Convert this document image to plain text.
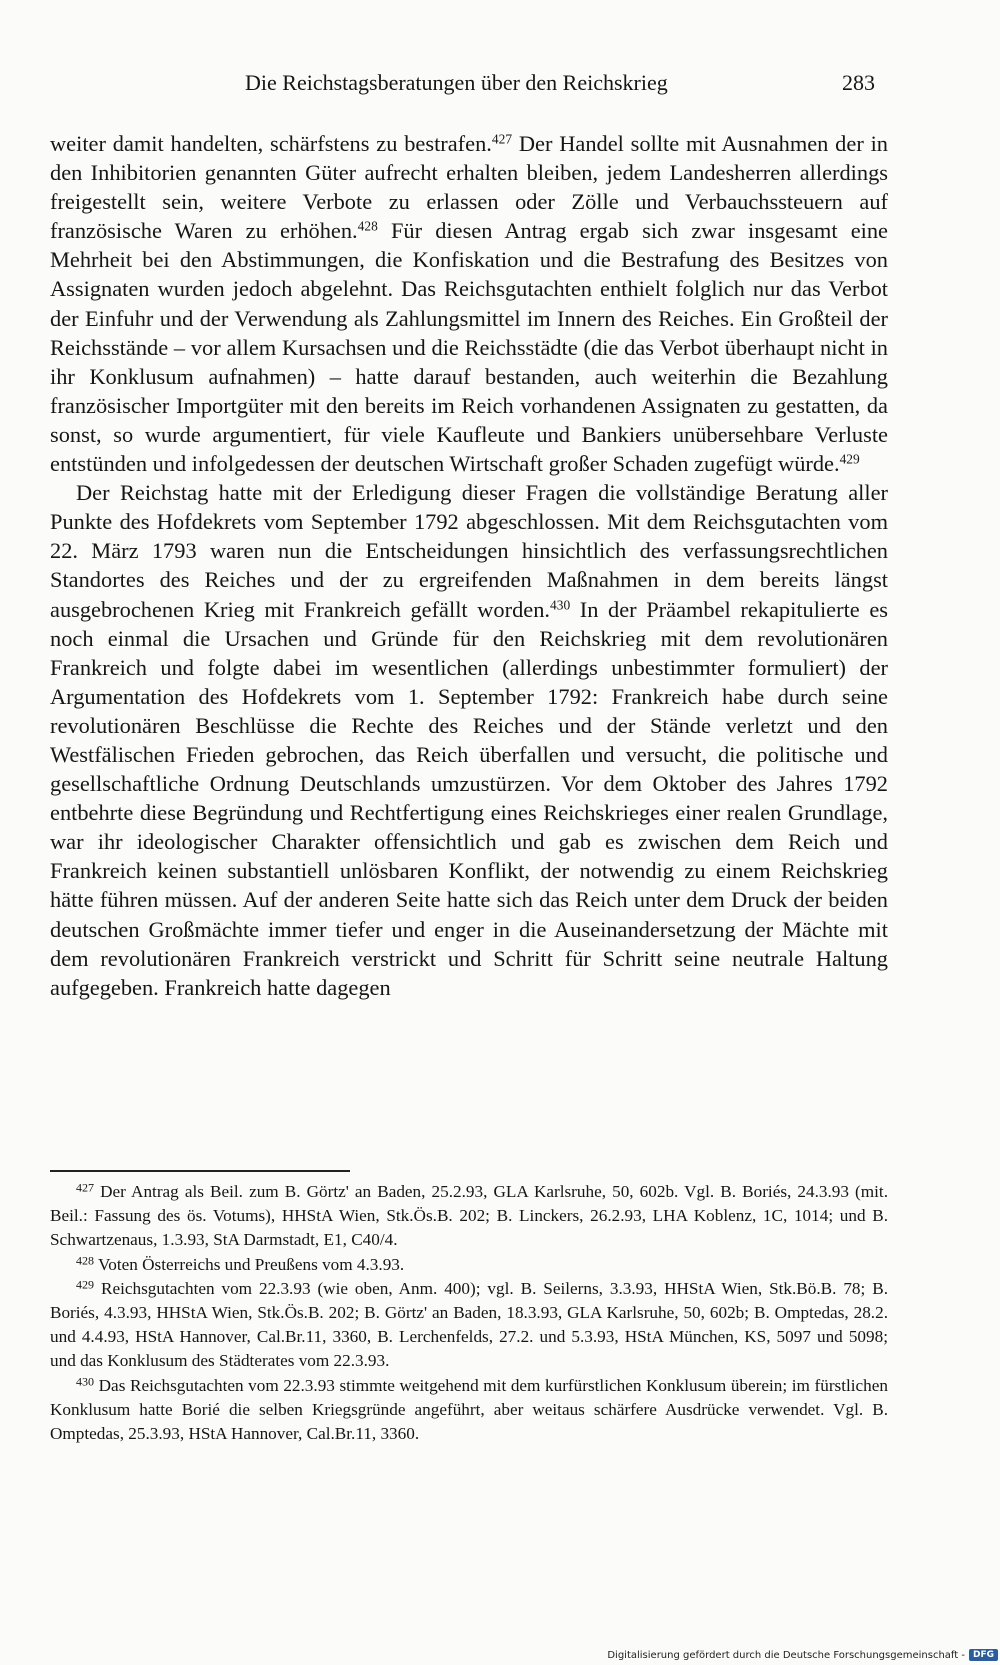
Die Reichstagsberatungen über den Reichskrieg	283

weiter damit handelten, schärfstens zu bestrafen.$^{427}$ Der Handel sollte mit Ausnahmen der in den Inhibitorien genannten Güter aufrecht erhalten bleiben, jedem Landesherren allerdings freigestellt sein, weitere Verbote zu erlassen oder Zölle und Verbauchssteuern auf französische Waren zu erhöhen.$^{428}$ Für diesen Antrag ergab sich zwar insgesamt eine Mehrheit bei den Abstimmungen, die Konfiskation und die Bestrafung des Besitzes von Assignaten wurden jedoch abgelehnt. Das Reichsgutachten enthielt folglich nur das Verbot der Einfuhr und der Verwendung als Zahlungsmittel im Innern des Reiches. Ein Großteil der Reichsstände – vor allem Kursachsen und die Reichsstädte (die das Verbot überhaupt nicht in ihr Konklusum aufnahmen) – hatte darauf bestanden, auch weiterhin die Bezahlung französischer Importgüter mit den bereits im Reich vorhandenen Assignaten zu gestatten, da sonst, so wurde argumentiert, für viele Kaufleute und Bankiers unübersehbare Verluste entstünden und infolgedessen der deutschen Wirtschaft großer Schaden zugefügt würde.$^{429}$

Der Reichstag hatte mit der Erledigung dieser Fragen die vollständige Beratung aller Punkte des Hofdekrets vom September 1792 abgeschlossen. Mit dem Reichsgutachten vom 22. März 1793 waren nun die Entscheidungen hinsichtlich des verfassungsrechtlichen Standortes des Reiches und der zu ergreifenden Maßnahmen in dem bereits längst ausgebrochenen Krieg mit Frankreich gefällt worden.$^{430}$ In der Präambel rekapitulierte es noch einmal die Ursachen und Gründe für den Reichskrieg mit dem revolutionären Frankreich und folgte dabei im wesentlichen (allerdings unbestimmter formuliert) der Argumentation des Hofdekrets vom 1. September 1792: Frankreich habe durch seine revolutionären Beschlüsse die Rechte des Reiches und der Stände verletzt und den Westfälischen Frieden gebrochen, das Reich überfallen und versucht, die politische und gesellschaftliche Ordnung Deutschlands umzustürzen. Vor dem Oktober des Jahres 1792 entbehrte diese Begründung und Rechtfertigung eines Reichskrieges einer realen Grundlage, war ihr ideologischer Charakter offensichtlich und gab es zwischen dem Reich und Frankreich keinen substantiell unlösbaren Konflikt, der notwendig zu einem Reichskrieg hätte führen müssen. Auf der anderen Seite hatte sich das Reich unter dem Druck der beiden deutschen Großmächte immer tiefer und enger in die Auseinandersetzung der Mächte mit dem revolutionären Frankreich verstrickt und Schritt für Schritt seine neutrale Haltung aufgegeben. Frankreich hatte dagegen

$^{427}$ Der Antrag als Beil. zum B. Görtz' an Baden, 25.2.93, GLA Karlsruhe, 50, 602b. Vgl. B. Boriés, 24.3.93 (mit. Beil.: Fassung des ös. Votums), HHStA Wien, Stk.Ös.B. 202; B. Linckers, 26.2.93, LHA Koblenz, 1C, 1014; und B. Schwartzenaus, 1.3.93, StA Darmstadt, E1, C40/4.

$^{428}$ Voten Österreichs und Preußens vom 4.3.93.

$^{429}$ Reichsgutachten vom 22.3.93 (wie oben, Anm. 400); vgl. B. Seilerns, 3.3.93, HHStA Wien, Stk.Bö.B. 78; B. Boriés, 4.3.93, HHStA Wien, Stk.Ös.B. 202; B. Görtz' an Baden, 18.3.93, GLA Karlsruhe, 50, 602b; B. Omptedas, 28.2. und 4.4.93, HStA Hannover, Cal.Br.11, 3360, B. Lerchenfelds, 27.2. und 5.3.93, HStA München, KS, 5097 und 5098; und das Konklusum des Städterates vom 22.3.93.

$^{430}$ Das Reichsgutachten vom 22.3.93 stimmte weitgehend mit dem kurfürstlichen Konklusum überein; im fürstlichen Konklusum hatte Borié die selben Kriegsgründe angeführt, aber weitaus schärfere Ausdrücke verwendet. Vgl. B. Omptedas, 25.3.93, HStA Hannover, Cal.Br.11, 3360.

Digitalisierung gefördert durch die Deutsche Forschungsgemeinschaft - DFG
